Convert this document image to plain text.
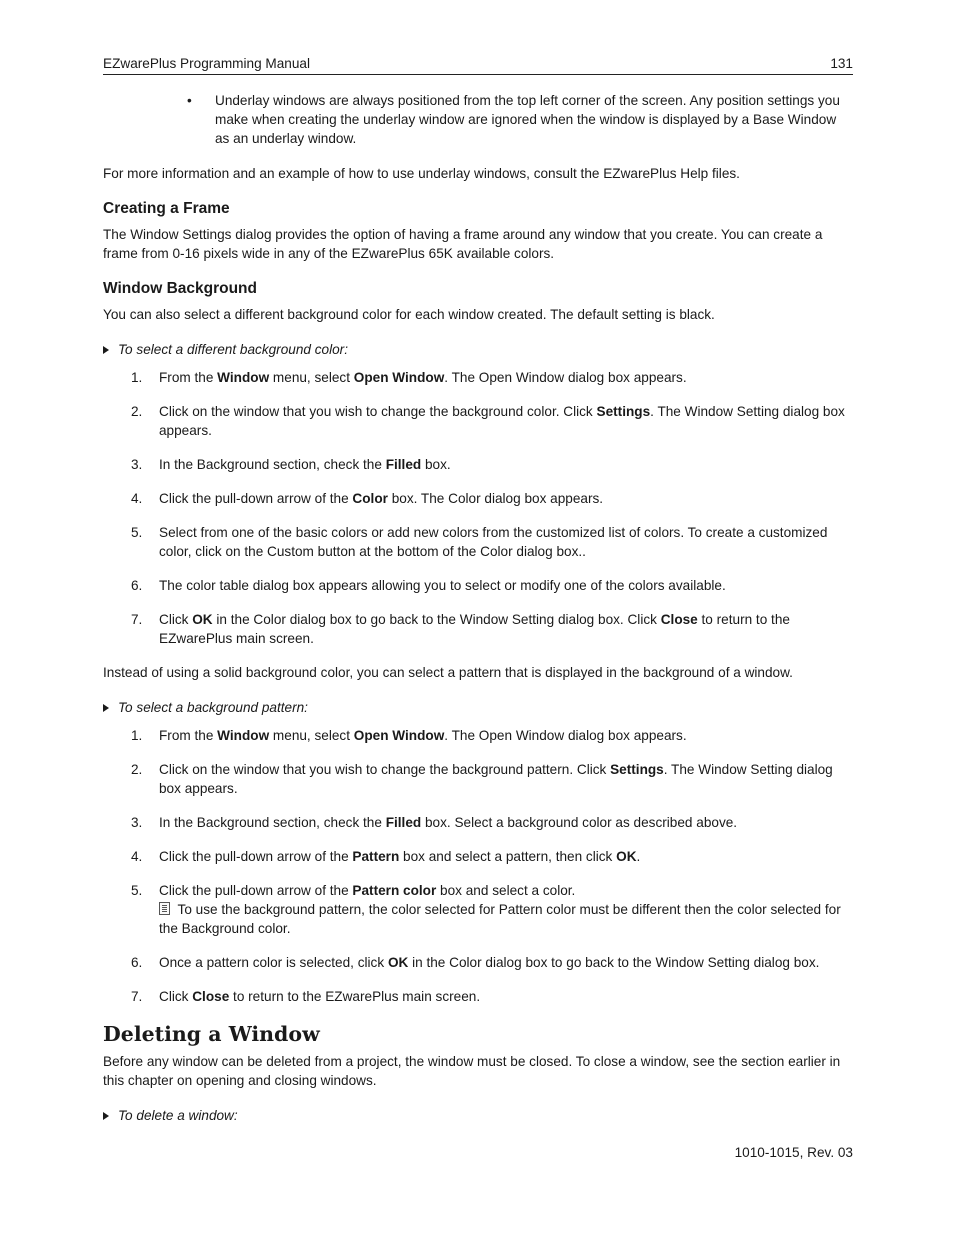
EZwarePlus Programming Manual	131
• Underlay windows are always positioned from the top left corner of the screen. Any position settings you make when creating the underlay window are ignored when the window is displayed by a Base Window as an underlay window.

For more information and an example of how to use underlay windows, consult the EZwarePlus Help files.

Creating a Frame

The Window Settings dialog provides the option of having a frame around any window that you create. You can create a frame from 0-16 pixels wide in any of the EZwarePlus 65K available colors.

Window Background

You can also select a different background color for each window created. The default setting is black.

To select a different background color:
1. From the Window menu, select Open Window. The Open Window dialog box appears.
2. Click on the window that you wish to change the background color. Click Settings. The Window Setting dialog box appears.
3. In the Background section, check the Filled box.
4. Click the pull-down arrow of the Color box. The Color dialog box appears.
5. Select from one of the basic colors or add new colors from the customized list of colors. To create a customized color, click on the Custom button at the bottom of the Color dialog box..
6. The color table dialog box appears allowing you to select or modify one of the colors available.
7. Click OK in the Color dialog box to go back to the Window Setting dialog box. Click Close to return to the EZwarePlus main screen.

Instead of using a solid background color, you can select a pattern that is displayed in the background of a window.

To select a background pattern:
1. From the Window menu, select Open Window. The Open Window dialog box appears.
2. Click on the window that you wish to change the background pattern. Click Settings. The Window Setting dialog box appears.
3. In the Background section, check the Filled box. Select a background color as described above.
4. Click the pull-down arrow of the Pattern box and select a pattern, then click OK.
5. Click the pull-down arrow of the Pattern color box and select a color.
To use the background pattern, the color selected for Pattern color must be different then the color selected for the Background color.
6. Once a pattern color is selected, click OK in the Color dialog box to go back to the Window Setting dialog box.
7. Click Close to return to the EZwarePlus main screen.
Deleting a Window

Before any window can be deleted from a project, the window must be closed. To close a window, see the section earlier in this chapter on opening and closing windows.

To delete a window:
1010-1015, Rev. 03
